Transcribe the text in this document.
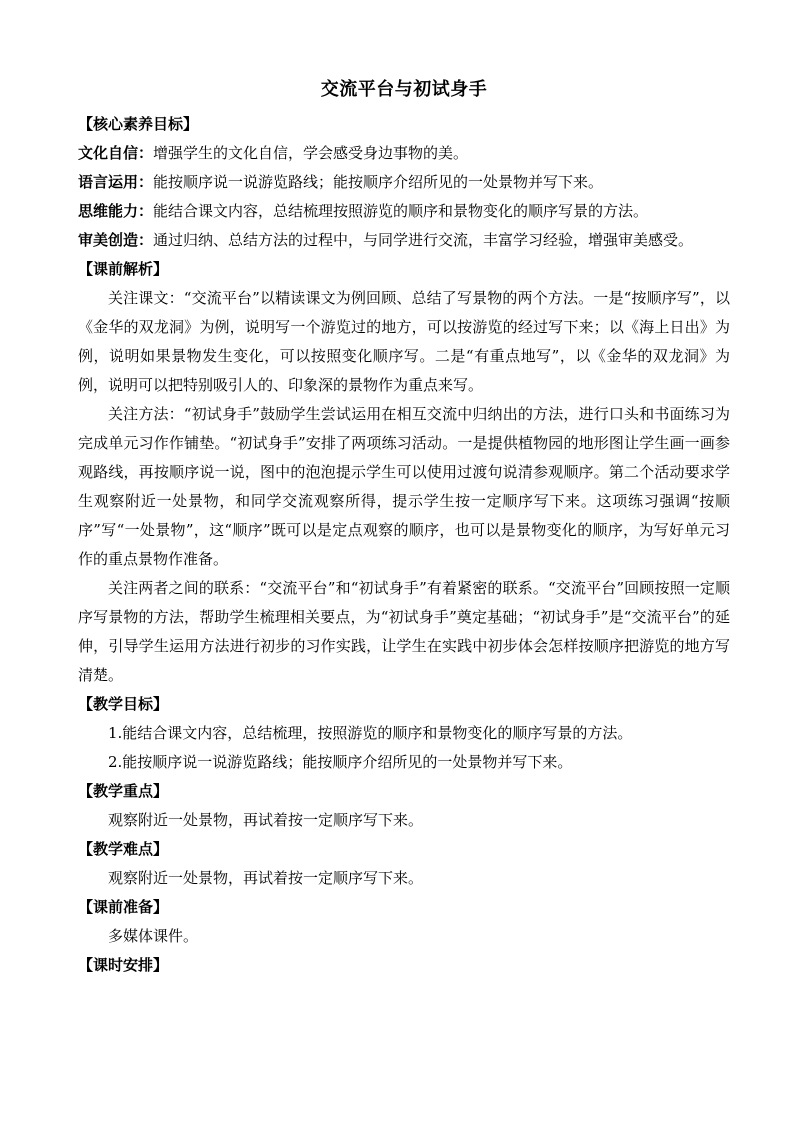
交流平台与初试身手
【核心素养目标】
文化自信：增强学生的文化自信，学会感受身边事物的美。
语言运用：能按顺序说一说游览路线；能按顺序介绍所见的一处景物并写下来。
思维能力：能结合课文内容，总结梳理按照游览的顺序和景物变化的顺序写景的方法。
审美创造：通过归纳、总结方法的过程中，与同学进行交流，丰富学习经验，增强审美感受。
【课前解析】
关注课文：“交流平台”以精读课文为例回顾、总结了写景物的两个方法。一是“按顺序写”，以《金华的双龙洞》为例，说明写一个游览过的地方，可以按游览的经过写下来；以《海上日出》为例，说明如果景物发生变化，可以按照变化顺序写。二是“有重点地写”，以《金华的双龙洞》为例，说明可以把特别吸引人的、印象深的景物作为重点来写。
关注方法：“初试身手”鼓励学生尝试运用在相互交流中归纳出的方法，进行口头和书面练习为完成单元习作作铺垫。“初试身手”安排了两项练习活动。一是提供植物园的地形图让学生画一画参观路线，再按顺序说一说，图中的泡泡提示学生可以使用过渡句说清参观顺序。第二个活动要求学生观察附近一处景物，和同学交流观察所得，提示学生按一定顺序写下来。这项练习强调“按顺序”写“一处景物”，这“顺序”既可以是定点观察的顺序，也可以是景物变化的顺序，为写好单元习作的重点景物作准备。
关注两者之间的联系：“交流平台”和“初试身手”有着紧密的联系。“交流平台”回顾按照一定顺序写景物的方法，帮助学生梳理相关要点，为“初试身手”奠定基础；“初试身手”是“交流平台”的延伸，引导学生运用方法进行初步的习作实践，让学生在实践中初步体会怎样按顺序把游览的地方写清楚。
【教学目标】
1.能结合课文内容，总结梳理，按照游览的顺序和景物变化的顺序写景的方法。
2.能按顺序说一说游览路线；能按顺序介绍所见的一处景物并写下来。
【教学重点】
观察附近一处景物，再试着按一定顺序写下来。
【教学难点】
观察附近一处景物，再试着按一定顺序写下来。
【课前准备】
多媒体课件。
【课时安排】
